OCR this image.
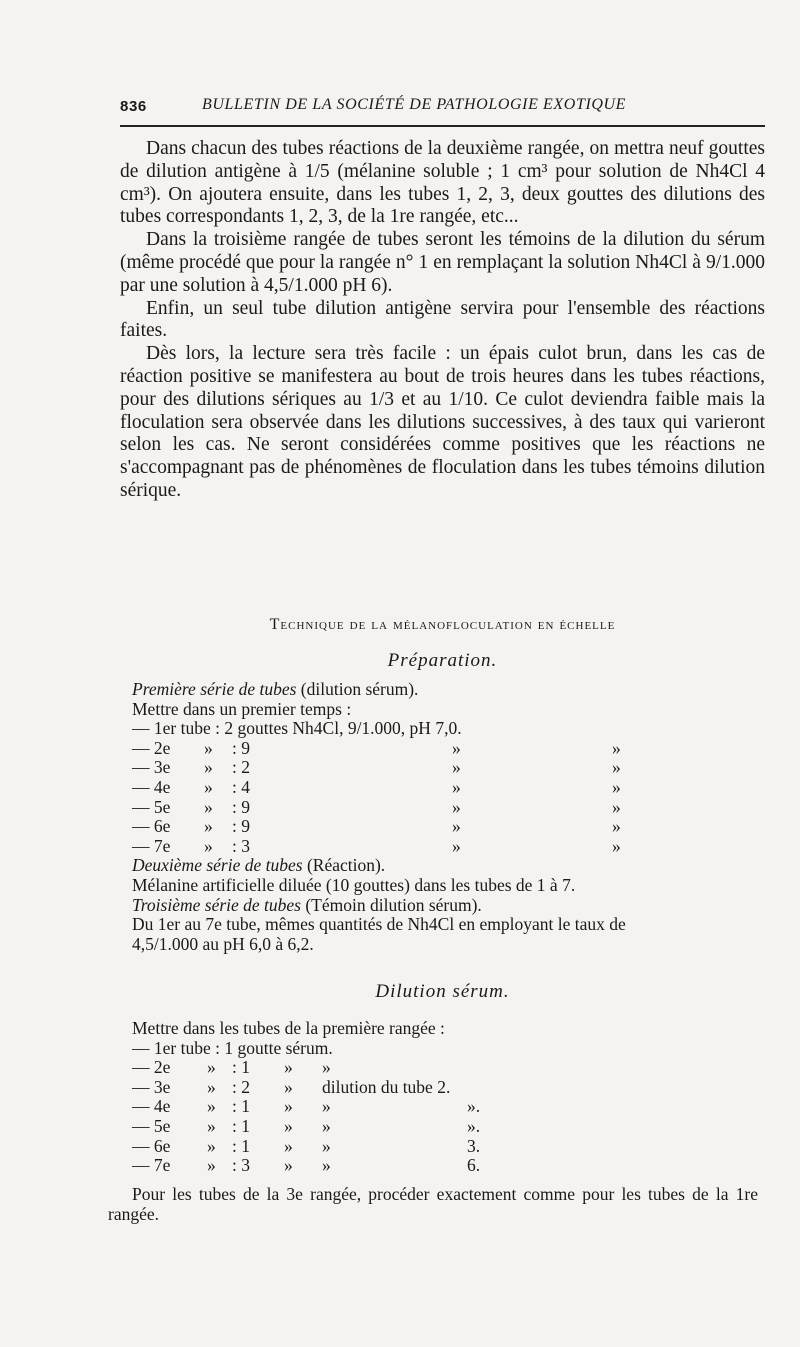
836	BULLETIN DE LA SOCIÉTÉ DE PATHOLOGIE EXOTIQUE

Dans chacun des tubes réactions de la deuxième rangée, on mettra neuf gouttes de dilution antigène à 1/5 (mélanine soluble ; 1 cm³ pour solution de Nh4Cl 4 cm³). On ajoutera ensuite, dans les tubes 1, 2, 3, deux gouttes des dilutions des tubes correspondants 1, 2, 3, de la 1re rangée, etc...

Dans la troisième rangée de tubes seront les témoins de la dilution du sérum (même procédé que pour la rangée n° 1 en remplaçant la solution Nh4Cl à 9/1.000 par une solution à 4,5/1.000 pH 6).

Enfin, un seul tube dilution antigène servira pour l'ensemble des réactions faites.

Dès lors, la lecture sera très facile : un épais culot brun, dans les cas de réaction positive se manifestera au bout de trois heures dans les tubes réactions, pour des dilutions sériques au 1/3 et au 1/10. Ce culot deviendra faible mais la floculation sera observée dans les dilutions successives, à des taux qui varieront selon les cas. Ne seront considérées comme positives que les réactions ne s'accompagnant pas de phénomènes de floculation dans les tubes témoins dilution sérique.

Technique de la mélanofloculation en échelle
Préparation.
Première série de tubes (dilution sérum).
Mettre dans un premier temps :
— 1er tube : 2 gouttes Nh4Cl, 9/1.000, pH 7,0.
— 2e » : 9	»	»
— 3e » : 2	»	»
— 4e » : 4	»	»
— 5e » : 9	»	»
— 6e » : 9	»	»
— 7e » : 3	»	»
Deuxième série de tubes (Réaction).
Mélanine artificielle diluée (10 gouttes) dans les tubes de 1 à 7.
Troisième série de tubes (Témoin dilution sérum).
Du 1er au 7e tube, mêmes quantités de Nh4Cl en employant le taux de
4,5/1.000 au pH 6,0 à 6,2.
Dilution sérum.
Mettre dans les tubes de la première rangée :
— 1er tube : 1 goutte sérum.
— 2e » : 1 » »
— 3e » : 2 » dilution du tube 2.
— 4e » : 1 » »	».
— 5e » : 1 » »	».
— 6e » : 1 » »	3.
— 7e » : 3 » »	6.

Pour les tubes de la 3e rangée, procéder exactement comme pour les tubes de la 1re rangée.
